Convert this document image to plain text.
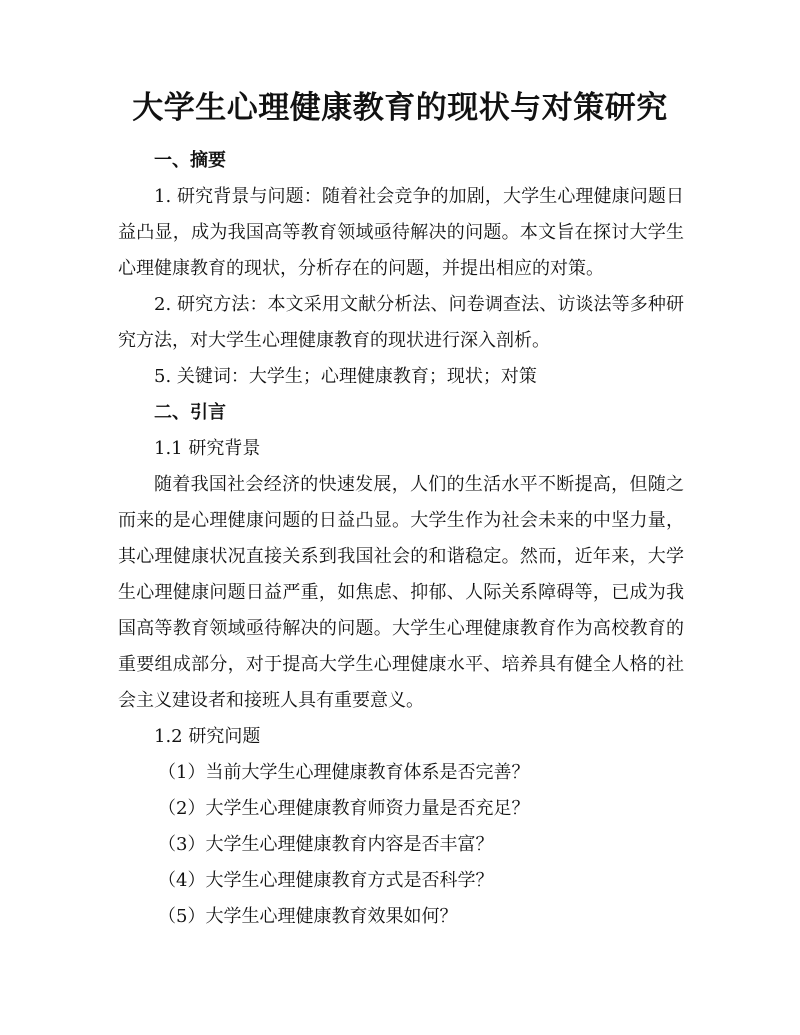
大学生心理健康教育的现状与对策研究

一、摘要

1. 研究背景与问题：随着社会竞争的加剧，大学生心理健康问题日益凸显，成为我国高等教育领域亟待解决的问题。本文旨在探讨大学生心理健康教育的现状，分析存在的问题，并提出相应的对策。

2. 研究方法：本文采用文献分析法、问卷调查法、访谈法等多种研究方法，对大学生心理健康教育的现状进行深入剖析。

5. 关键词：大学生；心理健康教育；现状；对策

二、引言

1.1 研究背景

随着我国社会经济的快速发展，人们的生活水平不断提高，但随之而来的是心理健康问题的日益凸显。大学生作为社会未来的中坚力量，其心理健康状况直接关系到我国社会的和谐稳定。然而，近年来，大学生心理健康问题日益严重，如焦虑、抑郁、人际关系障碍等，已成为我国高等教育领域亟待解决的问题。大学生心理健康教育作为高校教育的重要组成部分，对于提高大学生心理健康水平、培养具有健全人格的社会主义建设者和接班人具有重要意义。

1.2 研究问题

（1）当前大学生心理健康教育体系是否完善？

（2）大学生心理健康教育师资力量是否充足？

（3）大学生心理健康教育内容是否丰富？

（4）大学生心理健康教育方式是否科学？

（5）大学生心理健康教育效果如何？
